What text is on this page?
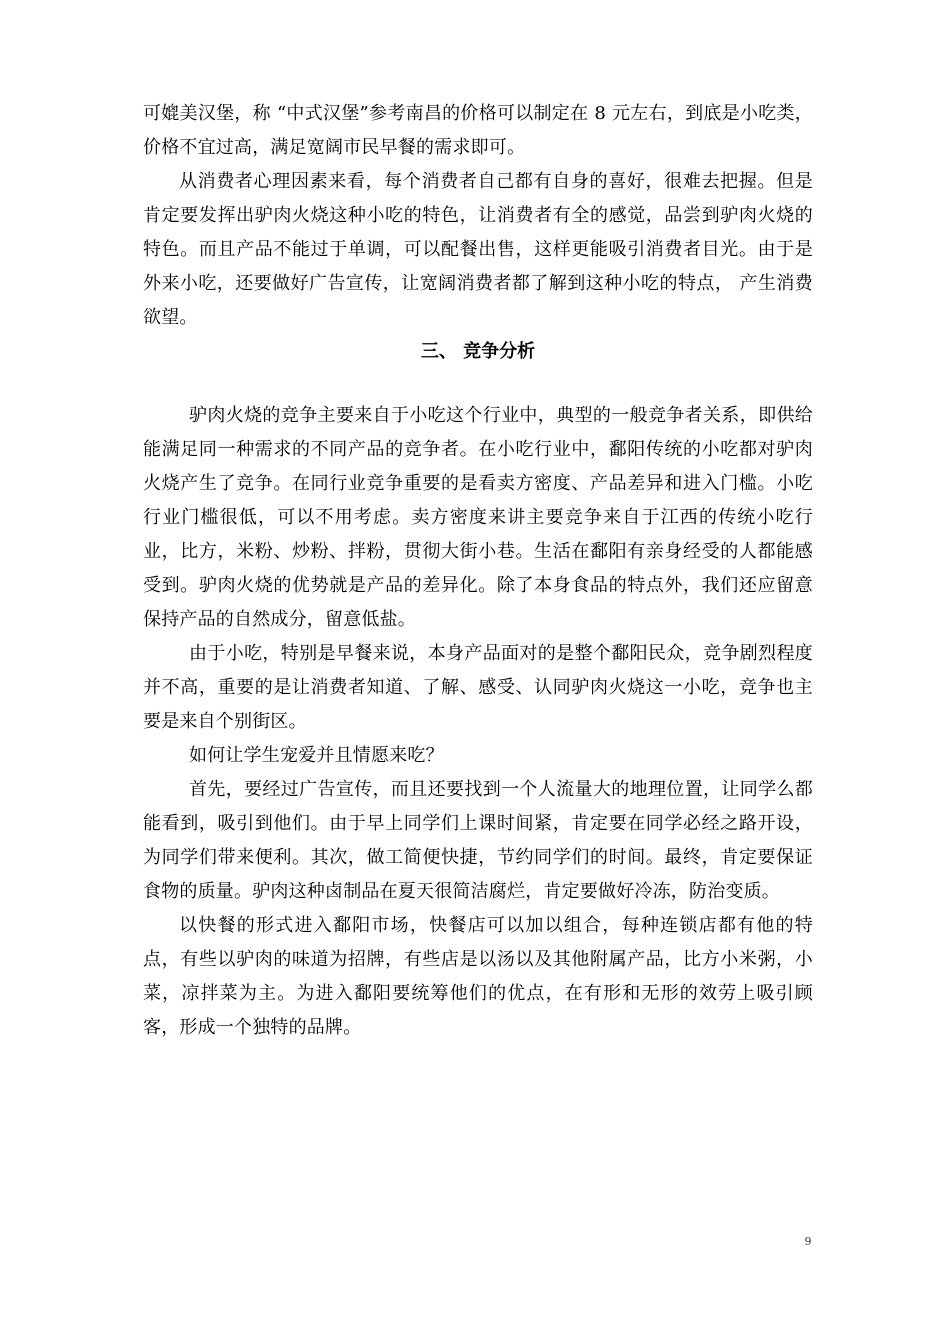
可媲美汉堡，称 “中式汉堡”参考南昌的价格可以制定在 8 元左右，到底是小吃类，价格不宜过高，满足宽阔市民早餐的需求即可。

从消费者心理因素来看，每个消费者自己都有自身的喜好，很难去把握。但是肯定要发挥出驴肉火烧这种小吃的特色，让消费者有全的感觉，品尝到驴肉火烧的特色。而且产品不能过于单调，可以配餐出售，这样更能吸引消费者目光。由于是外来小吃，还要做好广告宣传，让宽阔消费者都了解到这种小吃的特点， 产生消费欲望。

三、 竞争分析

驴肉火烧的竞争主要来自于小吃这个行业中，典型的一般竞争者关系，即供给能满足同一种需求的不同产品的竞争者。在小吃行业中，鄱阳传统的小吃都对驴肉火烧产生了竞争。在同行业竞争重要的是看卖方密度、产品差异和进入门槛。小吃行业门槛很低，可以不用考虑。卖方密度来讲主要竞争来自于江西的传统小吃行业，比方，米粉、炒粉、拌粉，贯彻大街小巷。生活在鄱阳有亲身经受的人都能感受到。驴肉火烧的优势就是产品的差异化。除了本身食品的特点外，我们还应留意保持产品的自然成分，留意低盐。

由于小吃，特别是早餐来说，本身产品面对的是整个鄱阳民众，竞争剧烈程度并不高，重要的是让消费者知道、了解、感受、认同驴肉火烧这一小吃，竞争也主要是来自个别街区。

如何让学生宠爱并且情愿来吃？

首先，要经过广告宣传，而且还要找到一个人流量大的地理位置，让同学么都能看到，吸引到他们。由于早上同学们上课时间紧，肯定要在同学必经之路开设，为同学们带来便利。其次，做工简便快捷，节约同学们的时间。最终，肯定要保证食物的质量。驴肉这种卤制品在夏天很简洁腐烂，肯定要做好冷冻，防治变质。

以快餐的形式进入鄱阳市场，快餐店可以加以组合，每种连锁店都有他的特点，有些以驴肉的味道为招牌，有些店是以汤以及其他附属产品，比方小米粥，小菜，凉拌菜为主。为进入鄱阳要统筹他们的优点，在有形和无形的效劳上吸引顾客，形成一个独特的品牌。

9
